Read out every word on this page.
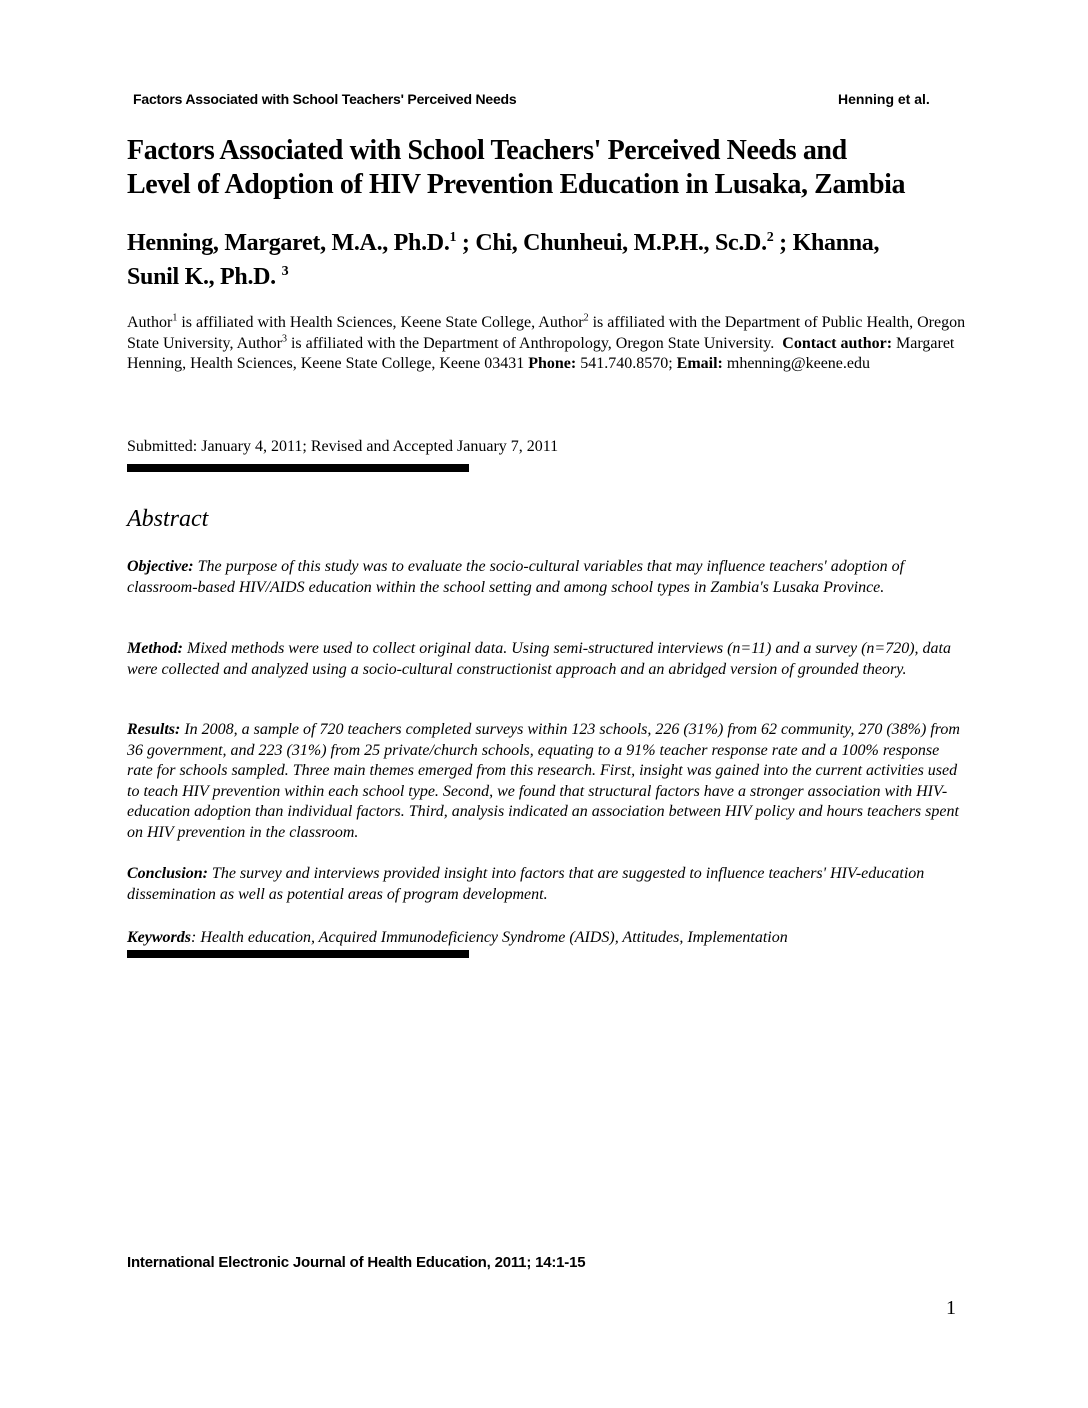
Factors Associated with School Teachers' Perceived Needs	Henning et al.
Factors Associated with School Teachers' Perceived Needs and
Level of Adoption of HIV Prevention Education in Lusaka, Zambia
Henning, Margaret, M.A., Ph.D.$^1$ ; Chi, Chunheui, M.P.H., Sc.D.$^2$ ; Khanna,
Sunil K., Ph.D. $^3$
Author$^1$ is affiliated with Health Sciences, Keene State College, Author$^2$ is affiliated with the Department of Public Health, Oregon State University, Author$^3$ is affiliated with the Department of Anthropology, Oregon State University.  Contact author: Margaret Henning, Health Sciences, Keene State College, Keene 03431 Phone: 541.740.8570; Email: mhenning@keene.edu
Submitted: January 4, 2011; Revised and Accepted January 7, 2011
Abstract
Objective: The purpose of this study was to evaluate the socio-cultural variables that may influence teachers' adoption of classroom-based HIV/AIDS education within the school setting and among school types in Zambia's Lusaka Province.
Method: Mixed methods were used to collect original data. Using semi-structured interviews (n=11) and a survey (n=720), data were collected and analyzed using a socio-cultural constructionist approach and an abridged version of grounded theory.
Results: In 2008, a sample of 720 teachers completed surveys within 123 schools, 226 (31%) from 62 community, 270 (38%) from 36 government, and 223 (31%) from 25 private/church schools, equating to a 91% teacher response rate and a 100% response rate for schools sampled. Three main themes emerged from this research. First, insight was gained into the current activities used to teach HIV prevention within each school type. Second, we found that structural factors have a stronger association with HIV-education adoption than individual factors. Third, analysis indicated an association between HIV policy and hours teachers spent on HIV prevention in the classroom.
Conclusion: The survey and interviews provided insight into factors that are suggested to influence teachers' HIV-education dissemination as well as potential areas of program development.
Keywords: Health education, Acquired Immunodeficiency Syndrome (AIDS), Attitudes, Implementation
International Electronic Journal of Health Education, 2011; 14:1-15
1
